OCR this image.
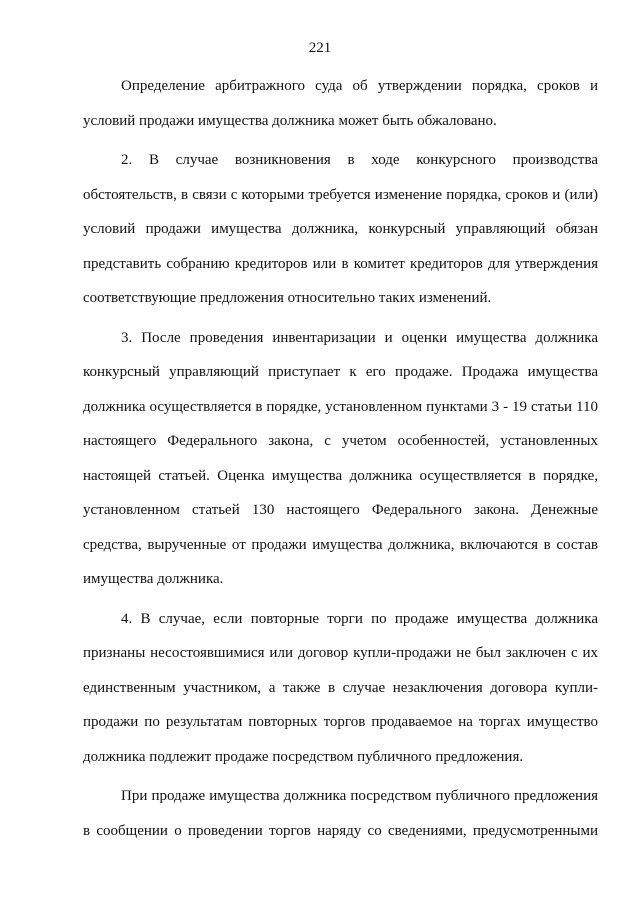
221
Определение арбитражного суда об утверждении порядка, сроков и
условий продажи имущества должника может быть обжаловано.
2. В случае возникновения в ходе конкурсного производства
обстоятельств, в связи с которыми требуется изменение порядка, сроков и (или)
условий продажи имущества должника, конкурсный управляющий обязан
представить собранию кредиторов или в комитет кредиторов для утверждения
соответствующие предложения относительно таких изменений.
3. После проведения инвентаризации и оценки имущества должника
конкурсный управляющий приступает к его продаже. Продажа имущества
должника осуществляется в порядке, установленном пунктами 3 - 19 статьи 110
настоящего Федерального закона, с учетом особенностей, установленных
настоящей статьей. Оценка имущества должника осуществляется в порядке,
установленном статьей 130 настоящего Федерального закона. Денежные
средства, вырученные от продажи имущества должника, включаются в состав
имущества должника.
4. В случае, если повторные торги по продаже имущества должника
признаны несостоявшимися или договор купли-продажи не был заключен с их
единственным участником, а также в случае незаключения договора купли-
продажи по результатам повторных торгов продаваемое на торгах имущество
должника подлежит продаже посредством публичного предложения.
При продаже имущества должника посредством публичного предложения
в сообщении о проведении торгов наряду со сведениями, предусмотренными
